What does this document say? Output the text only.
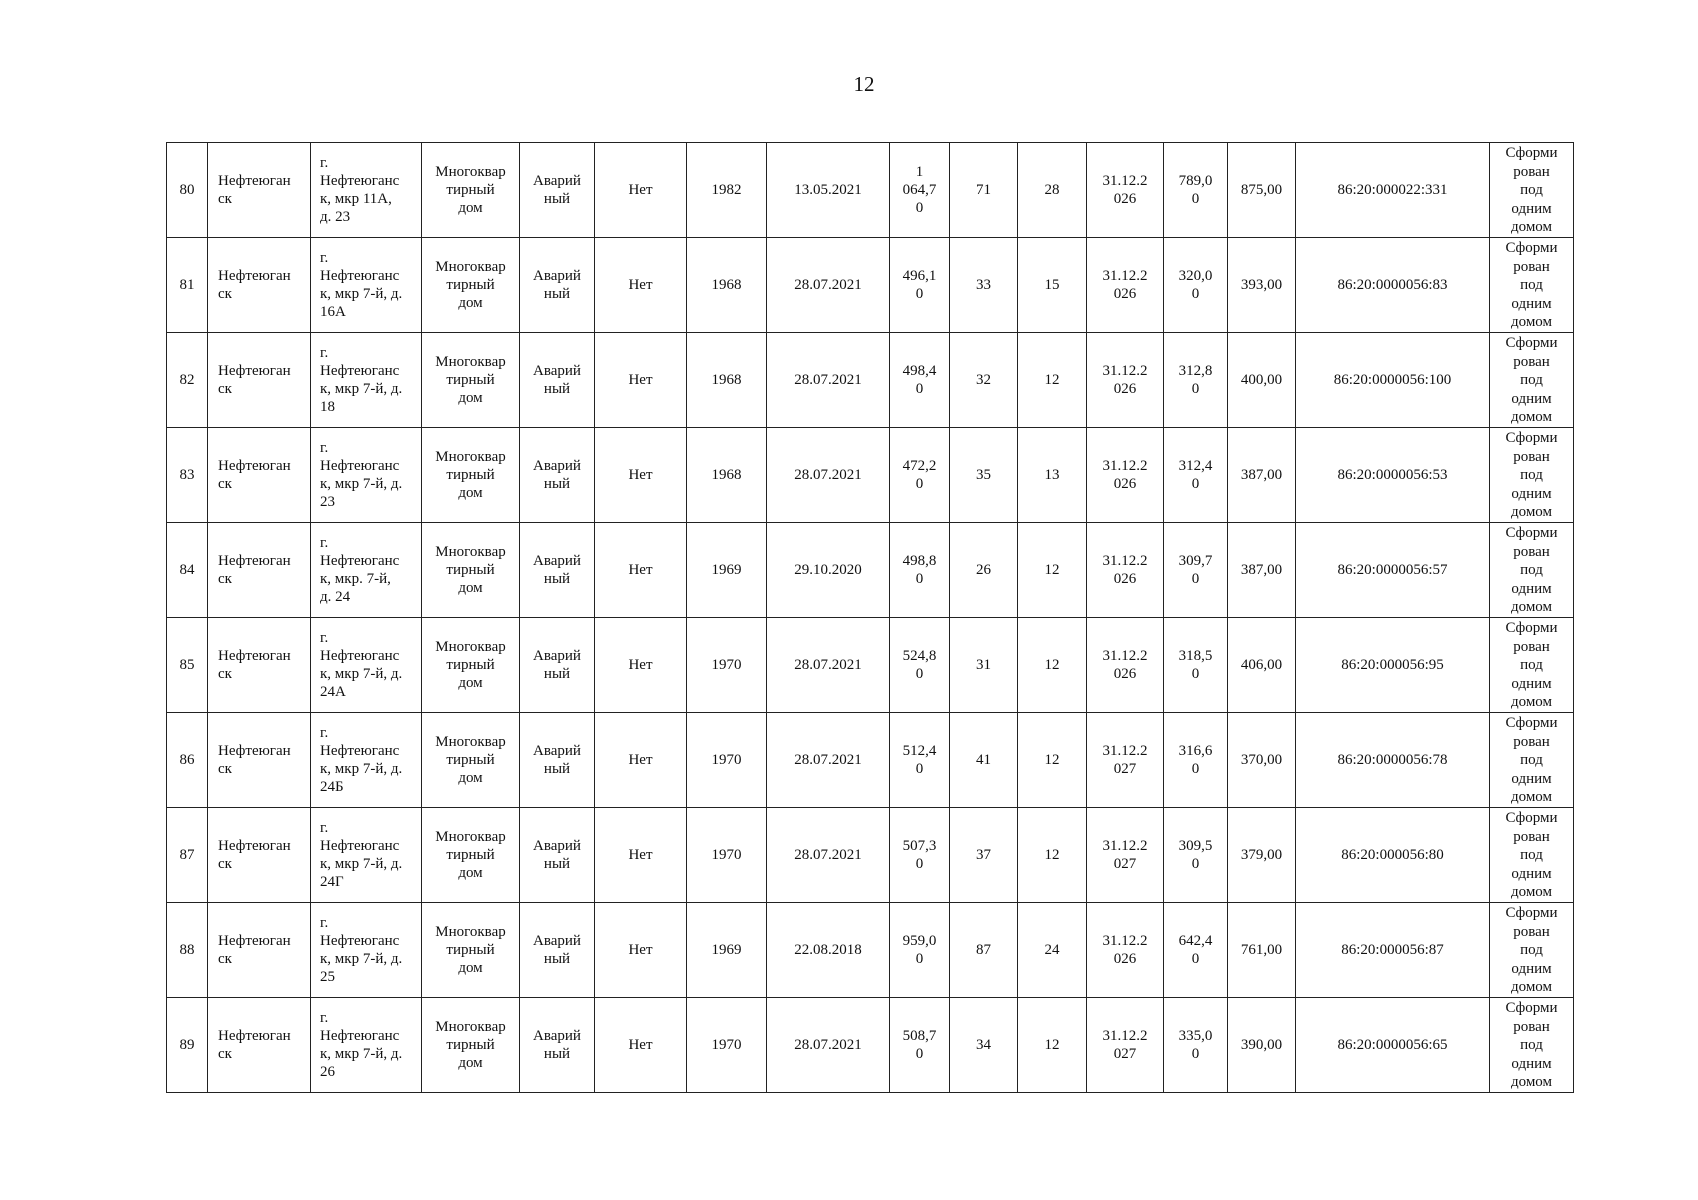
12
80	Нефтеюган
ск	г.
Нефтеюганс
к, мкр 11А,
д. 23	Многоквар
тирный
дом	Аварий
ный	Нет	1982	13.05.2021	1
064,7
0	71	28	31.12.2
026	789,0
0	875,00	86:20:000022:331	Сформи
рован
под
одним
домом
81	Нефтеюган
ск	г.
Нефтеюганс
к, мкр 7-й, д.
16А	Многоквар
тирный
дом	Аварий
ный	Нет	1968	28.07.2021	496,1
0	33	15	31.12.2
026	320,0
0	393,00	86:20:0000056:83	Сформи
рован
под
одним
домом
82	Нефтеюган
ск	г.
Нефтеюганс
к, мкр 7-й, д.
18	Многоквар
тирный
дом	Аварий
ный	Нет	1968	28.07.2021	498,4
0	32	12	31.12.2
026	312,8
0	400,00	86:20:0000056:100	Сформи
рован
под
одним
домом
83	Нефтеюган
ск	г.
Нефтеюганс
к, мкр 7-й, д.
23	Многоквар
тирный
дом	Аварий
ный	Нет	1968	28.07.2021	472,2
0	35	13	31.12.2
026	312,4
0	387,00	86:20:0000056:53	Сформи
рован
под
одним
домом
84	Нефтеюган
ск	г.
Нефтеюганс
к, мкр. 7-й,
д. 24	Многоквар
тирный
дом	Аварий
ный	Нет	1969	29.10.2020	498,8
0	26	12	31.12.2
026	309,7
0	387,00	86:20:0000056:57	Сформи
рован
под
одним
домом
85	Нефтеюган
ск	г.
Нефтеюганс
к, мкр 7-й, д.
24А	Многоквар
тирный
дом	Аварий
ный	Нет	1970	28.07.2021	524,8
0	31	12	31.12.2
026	318,5
0	406,00	86:20:000056:95	Сформи
рован
под
одним
домом
86	Нефтеюган
ск	г.
Нефтеюганс
к, мкр 7-й, д.
24Б	Многоквар
тирный
дом	Аварий
ный	Нет	1970	28.07.2021	512,4
0	41	12	31.12.2
027	316,6
0	370,00	86:20:0000056:78	Сформи
рован
под
одним
домом
87	Нефтеюган
ск	г.
Нефтеюганс
к, мкр 7-й, д.
24Г	Многоквар
тирный
дом	Аварий
ный	Нет	1970	28.07.2021	507,3
0	37	12	31.12.2
027	309,5
0	379,00	86:20:000056:80	Сформи
рован
под
одним
домом
88	Нефтеюган
ск	г.
Нефтеюганс
к, мкр 7-й, д.
25	Многоквар
тирный
дом	Аварий
ный	Нет	1969	22.08.2018	959,0
0	87	24	31.12.2
026	642,4
0	761,00	86:20:000056:87	Сформи
рован
под
одним
домом
89	Нефтеюган
ск	г.
Нефтеюганс
к, мкр 7-й, д.
26	Многоквар
тирный
дом	Аварий
ный	Нет	1970	28.07.2021	508,7
0	34	12	31.12.2
027	335,0
0	390,00	86:20:0000056:65	Сформи
рован
под
одним
домом
